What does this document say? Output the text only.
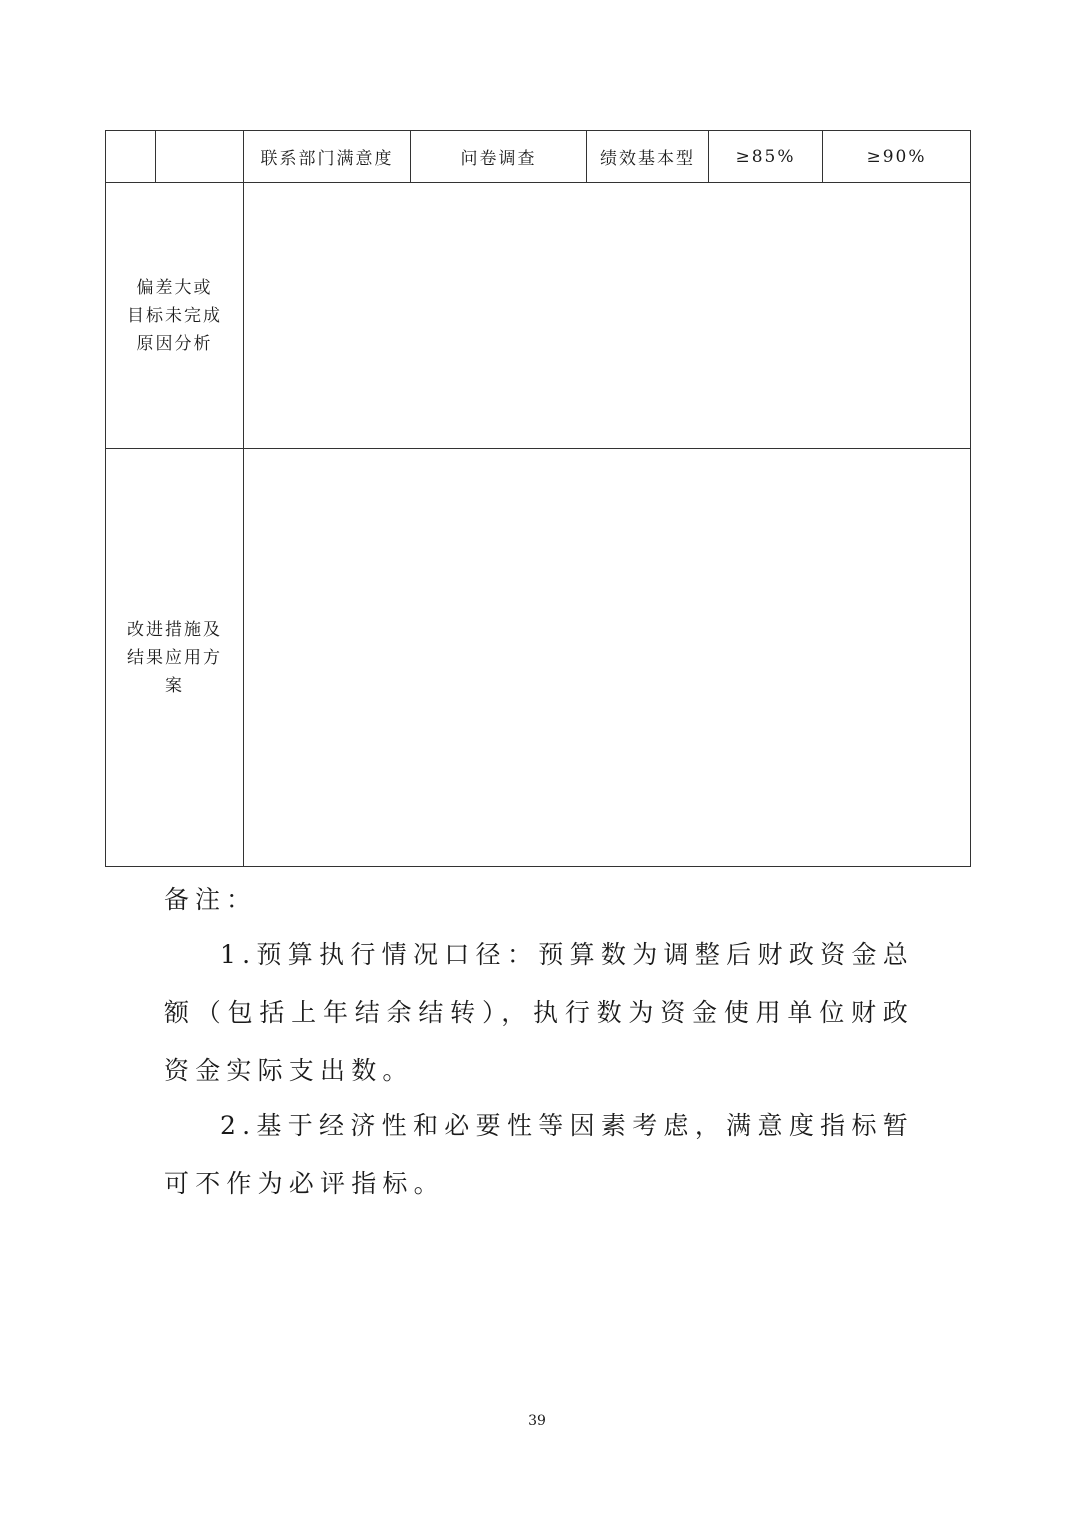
		联系部门满意度	问卷调查	绩效基本型	≥85%	≥90%

偏差大或
目标未完成
原因分析						

改进措施及
结果应用方
案						

备注：
1.预算执行情况口径：预算数为调整后财政资金总额（包括上年结余结转），执行数为资金使用单位财政资金实际支出数。
2.基于经济性和必要性等因素考虑，满意度指标暂可不作为必评指标。
39
